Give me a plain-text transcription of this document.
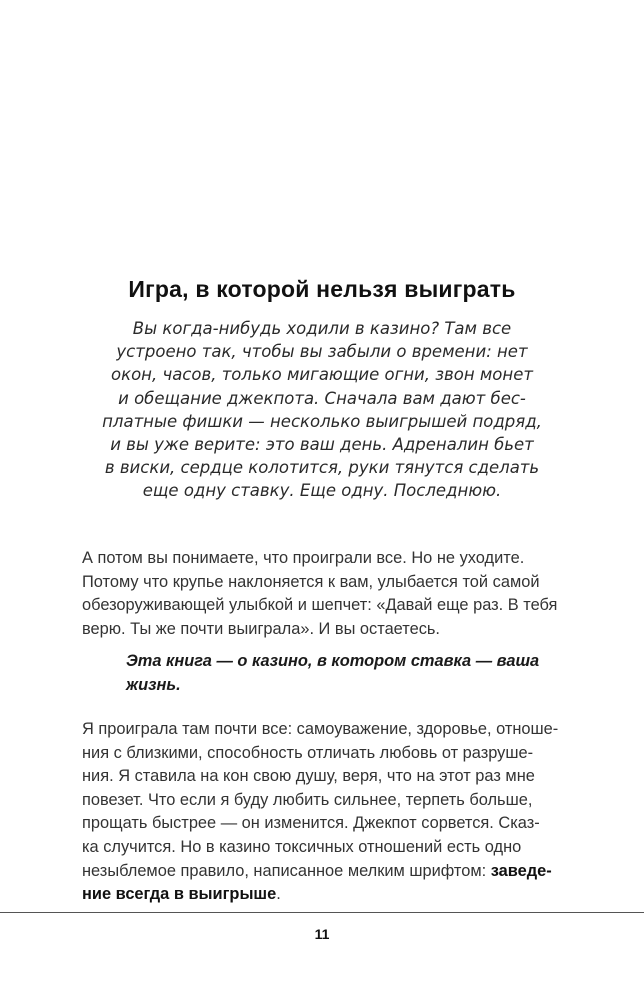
Игра, в которой нельзя выиграть
Вы когда-нибудь ходили в казино? Там все
устроено так, чтобы вы забыли о времени: нет
окон, часов, только мигающие огни, звон монет
и обещание джекпота. Сначала вам дают бес-
платные фишки — несколько выигрышей подряд,
и вы уже верите: это ваш день. Адреналин бьет
в виски, сердце колотится, руки тянутся сделать
еще одну ставку. Еще одну. Последнюю.
А потом вы понимаете, что проиграли все. Но не уходите.
Потому что крупье наклоняется к вам, улыбается той самой
обезоруживающей улыбкой и шепчет: «Давай еще раз. В тебя
верю. Ты же почти выиграла». И вы остаетесь.
Эта книга — о казино, в котором ставка — ваша
жизнь.
Я проиграла там почти все: самоуважение, здоровье, отноше-
ния с близкими, способность отличать любовь от разруше-
ния. Я ставила на кон свою душу, веря, что на этот раз мне
повезет. Что если я буду любить сильнее, терпеть больше,
прощать быстрее — он изменится. Джекпот сорвется. Сказ-
ка случится. Но в казино токсичных отношений есть одно
незыблемое правило, написанное мелким шрифтом: заведе-
ние всегда в выигрыше.
11
